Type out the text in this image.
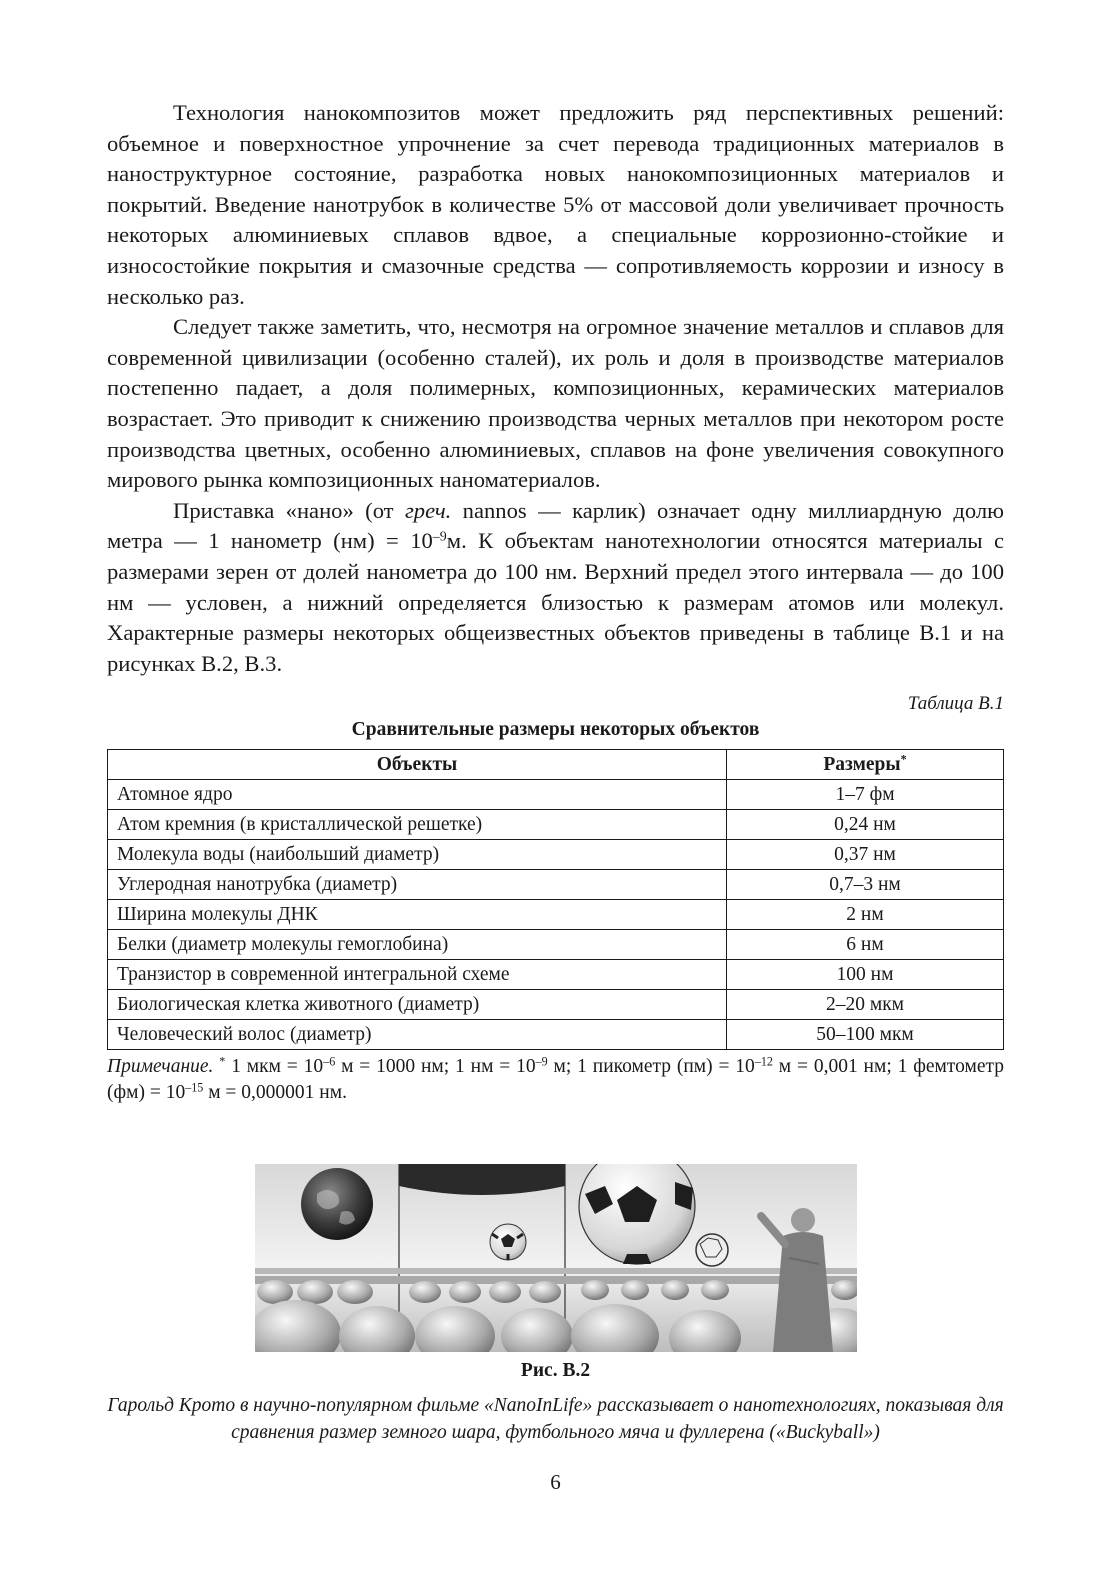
Технология нанокомпозитов может предложить ряд перспективных решений: объемное и поверхностное упрочнение за счет перевода традиционных материалов в наноструктурное состояние, разработка новых нанокомпозиционных материалов и покрытий. Введение нанотрубок в количестве 5% от массовой доли увеличивает прочность некоторых алюминиевых сплавов вдвое, а специальные коррозионно-стойкие и износостойкие покрытия и смазочные средства — сопротивляемость коррозии и износу в несколько раз.

Следует также заметить, что, несмотря на огромное значение металлов и сплавов для современной цивилизации (особенно сталей), их роль и доля в производстве материалов постепенно падает, а доля полимерных, композиционных, керамических материалов возрастает. Это приводит к снижению производства черных металлов при некотором росте производства цветных, особенно алюминиевых, сплавов на фоне увеличения совокупного мирового рынка композиционных наноматериалов.

Приставка «нано» (от греч. nannos — карлик) означает одну миллиардную долю метра — 1 нанометр $(нм) = 10^{-9}м$. К объектам нанотехнологии относятся материалы с размерами зерен от долей нанометра до 100 нм. Верхний предел этого интервала — до 100 нм — условен, а нижний определяется близостью к размерам атомов или молекул. Характерные размеры некоторых общеизвестных объектов приведены в таблице В.1 и на рисунках В.2, В.3.

Таблица В.1
Сравнительные размеры некоторых объектов
Объекты	Размеры*
Атомное ядро	1–7 фм
Атом кремния (в кристаллической решетке)	0,24 нм
Молекула воды (наибольший диаметр)	0,37 нм
Углеродная нанотрубка (диаметр)	0,7–3 нм
Ширина молекулы ДНК	2 нм
Белки (диаметр молекулы гемоглобина)	6 нм
Транзистор в современной интегральной схеме	100 нм
Биологическая клетка животного (диаметр)	2–20 мкм
Человеческий волос (диаметр)	50–100 мкм
Примечание. * 1 мкм = $10^{-6}$ м = 1000 нм; 1 нм = $10^{-9}$ м; 1 пикометр $(пм) = 10^{-12}$ м = 0,001 нм; 1 фемтометр $(фм) = 10^{-15}$ м = 0,000001 нм.
Рис. В.2
Гарольд Крото в научно-популярном фильме «NanoInLife» рассказывает о нанотехнологиях, показывая для сравнения размер земного шара, футбольного мяча и фуллерена («Buckyball»)
6
